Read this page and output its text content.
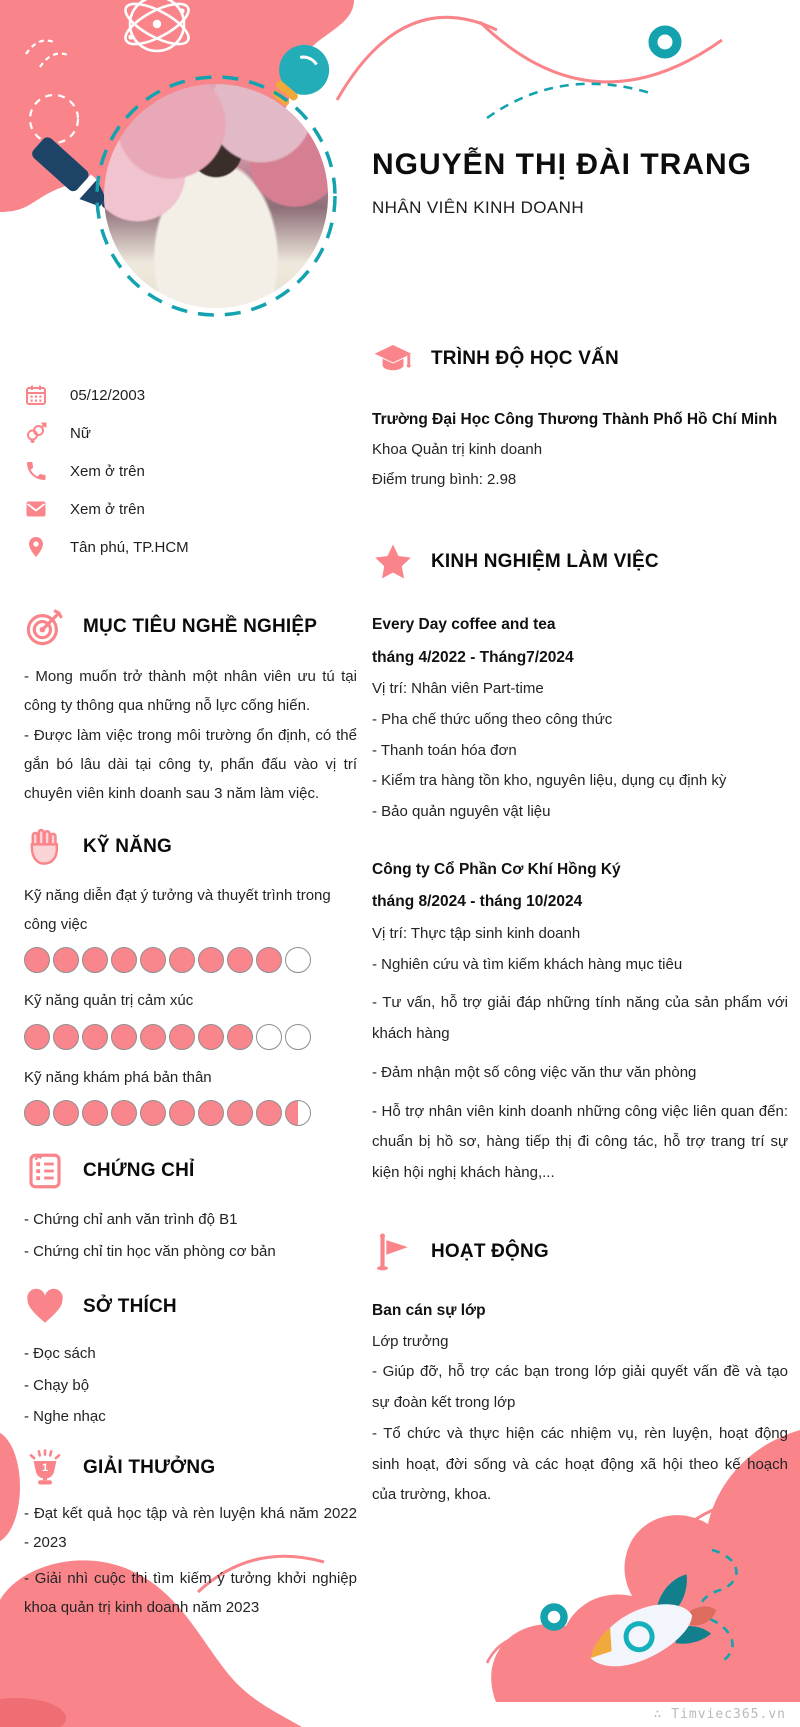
NGUYỄN THỊ ĐÀI TRANG
NHÂN VIÊN KINH DOANH
05/12/2003
Nữ
Xem ở trên
Xem ở trên
Tân phú, TP.HCM
MỤC TIÊU NGHỀ NGHIỆP

- Mong muốn trở thành một nhân viên ưu tú tại công ty thông qua những nỗ lực cống hiến.

- Được làm việc trong môi trường ổn định, có thể gắn bó lâu dài tại công ty, phấn đấu vào vị trí chuyên viên kinh doanh sau 3 năm làm việc.

KỸ NĂNG

Kỹ năng diễn đạt ý tưởng và thuyết trình trong công việc

Kỹ năng quản trị cảm xúc

Kỹ năng khám phá bản thân

CHỨNG CHỈ

- Chứng chỉ anh văn trình độ B1

- Chứng chỉ tin học văn phòng cơ bản

SỞ THÍCH

- Đọc sách

- Chạy bộ

- Nghe nhạc

1 GIẢI THƯỞNG

- Đạt kết quả học tập và rèn luyện khá năm 2022 - 2023

- Giải nhì cuộc thi tìm kiếm ý tưởng khởi nghiệp khoa quản trị kinh doanh năm 2023

TRÌNH ĐỘ HỌC VẤN

Trường Đại Học Công Thương Thành Phố Hồ Chí Minh

Khoa Quản trị kinh doanh

Điểm trung bình: 2.98

KINH NGHIỆM LÀM VIỆC

Every Day coffee and tea

tháng 4/2022 - Tháng7/2024

Vị trí: Nhân viên Part-time

- Pha chế thức uống theo công thức

- Thanh toán hóa đơn

- Kiểm tra hàng tồn kho, nguyên liệu, dụng cụ định kỳ

- Bảo quản nguyên vật liệu

Công ty Cổ Phần Cơ Khí Hồng Ký

tháng 8/2024 - tháng 10/2024

Vị trí: Thực tập sinh kinh doanh

- Nghiên cứu và tìm kiếm khách hàng mục tiêu

- Tư vấn, hỗ trợ giải đáp những tính năng của sản phẩm với khách hàng

- Đảm nhận một số công việc văn thư văn phòng

- Hỗ trợ nhân viên kinh doanh những công việc liên quan đến: chuẩn bị hồ sơ, hàng tiếp thị đi công tác, hỗ trợ trang trí sự kiện hội nghị khách hàng,...

HOẠT ĐỘNG

Ban cán sự lớp

Lớp trưởng

- Giúp đỡ, hỗ trợ các bạn trong lớp giải quyết vấn đề và tạo sự đoàn kết trong lớp

- Tổ chức và thực hiện các nhiệm vụ, rèn luyện, hoạt động sinh hoạt, đời sống và các hoạt động xã hội theo kế hoạch của trường, khoa.

∴ Timviec365.vn
